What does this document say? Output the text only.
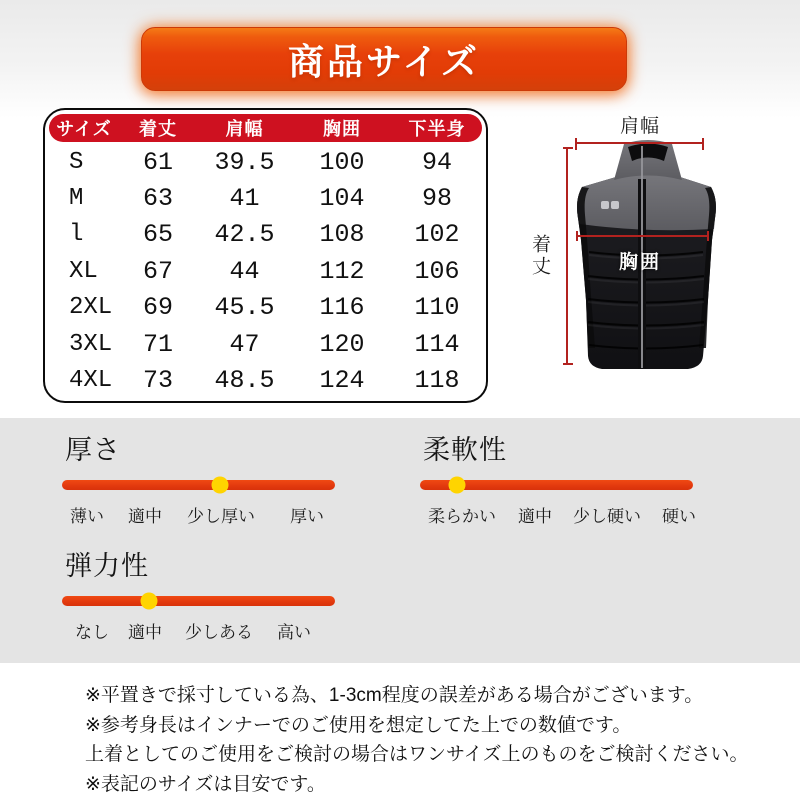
商品サイズ
サイズ	着丈	肩幅	胸囲	下半身
S	61	39.5	100	94
M	63	41	104	98
l	65	42.5	108	102
XL	67	44	112	106
2XL	69	45.5	116	110
3XL	71	47	120	114
4XL	73	48.5	124	118
肩幅
着丈	胸囲
厚さ
薄い 適中 少し厚い 厚い
柔軟性
柔らかい 適中 少し硬い 硬い
弾力性
なし 適中 少しある 高い
※平置きで採寸している為、1-3cm程度の誤差がある場合がございます。
※参考身長はインナーでのご使用を想定してた上での数値です。
上着としてのご使用をご検討の場合はワンサイズ上のものをご検討ください。
※表記のサイズは目安です。
